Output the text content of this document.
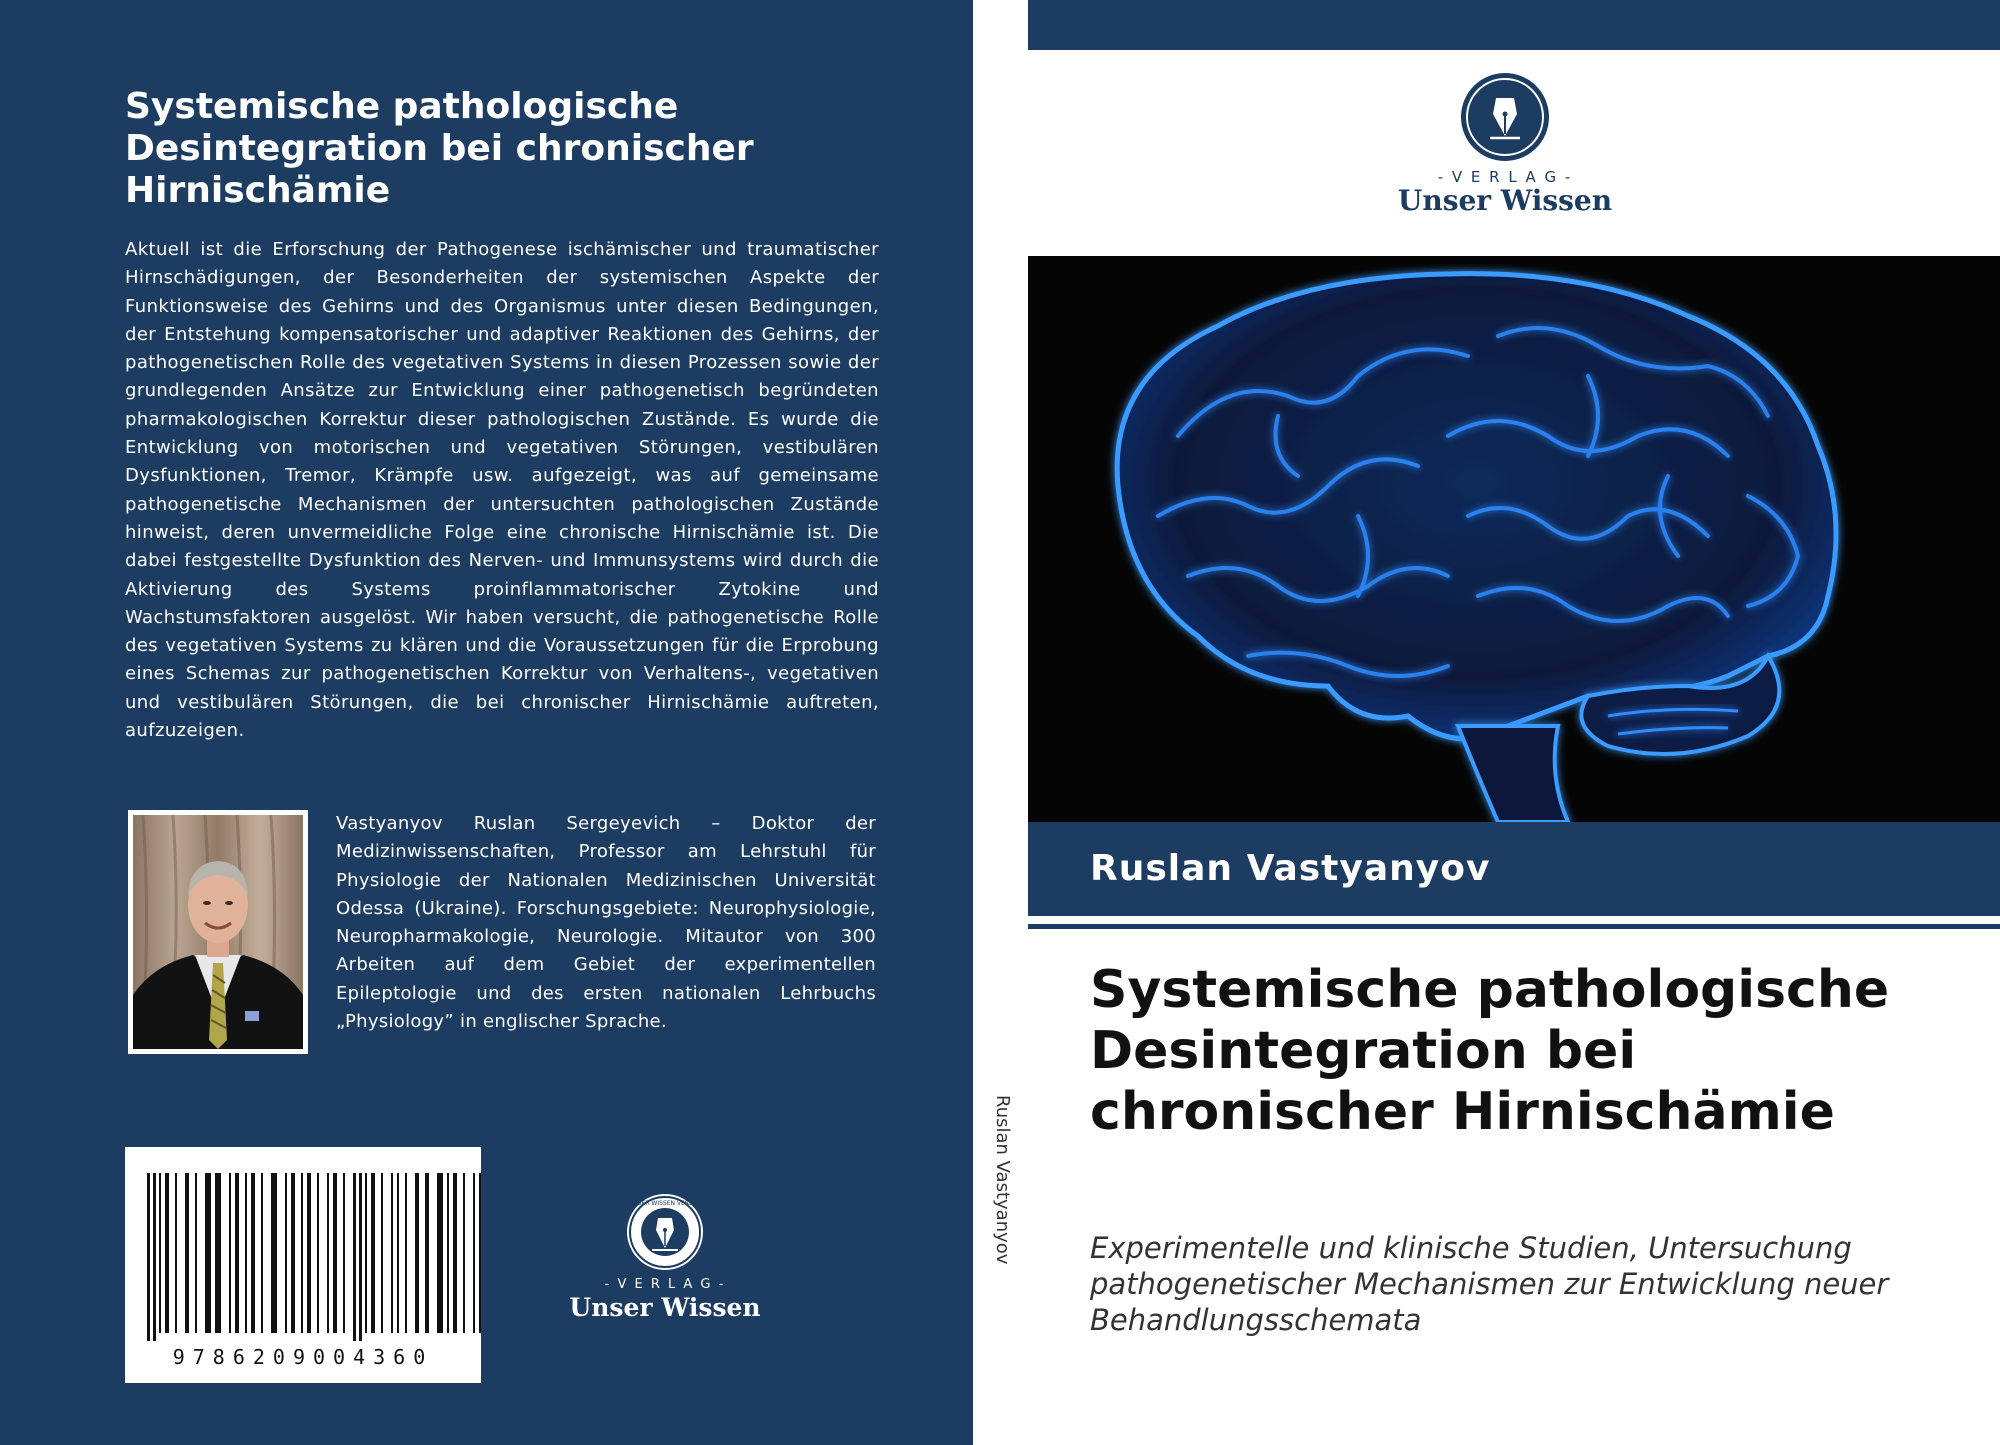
Systemische pathologische Desintegration bei chronischer Hirnischämie

Aktuell ist die Erforschung der Pathogenese ischämischer und traumatischer Hirnschädigungen, der Besonderheiten der systemischen Aspekte der Funktionsweise des Gehirns und des Organismus unter diesen Bedingungen, der Entstehung kompensatorischer und adaptiver Reaktionen des Gehirns, der pathogenetischen Rolle des vegetativen Systems in diesen Prozessen sowie der grundlegenden Ansätze zur Entwicklung einer pathogenetisch begründeten pharmakologischen Korrektur dieser pathologischen Zustände. Es wurde die Entwicklung von motorischen und vegetativen Störungen, vestibulären Dysfunktionen, Tremor, Krämpfe usw. aufgezeigt, was auf gemeinsame pathogenetische Mechanismen der untersuchten pathologischen Zustände hinweist, deren unvermeidliche Folge eine chronische Hirnischämie ist. Die dabei festgestellte Dysfunktion des Nerven- und Immunsystems wird durch die Aktivierung des Systems proinflammatorischer Zytokine und Wachstumsfaktoren ausgelöst. Wir haben versucht, die pathogenetische Rolle des vegetativen Systems zu klären und die Voraussetzungen für die Erprobung eines Schemas zur pathogenetischen Korrektur von Verhaltens-, vegetativen und vestibulären Störungen, die bei chronischer Hirnischämie auftreten, aufzuzeigen.

Vastyanyov Ruslan Sergeyevich – Doktor der Medizinwissenschaften, Professor am Lehrstuhl für Physiologie der Nationalen Medizinischen Universität Odessa (Ukraine). Forschungsgebiete: Neurophysiologie, Neuropharmakologie, Neurologie. Mitautor von 300 Arbeiten auf dem Gebiet der experimentellen Epileptologie und des ersten nationalen Lehrbuchs „Physiology” in englischer Sprache.

9786209004360
UNSER WISSEN VERLAG
- V E R L A G -
Unser Wissen
Ruslan Vastyanyov
- V E R L A G -
Unser Wissen
Ruslan Vastyanyov
Systemische pathologische Desintegration bei chronischer Hirnischämie

Experimentelle und klinische Studien, Untersuchung pathogenetischer Mechanismen zur Entwicklung neuer Behandlungsschemata
